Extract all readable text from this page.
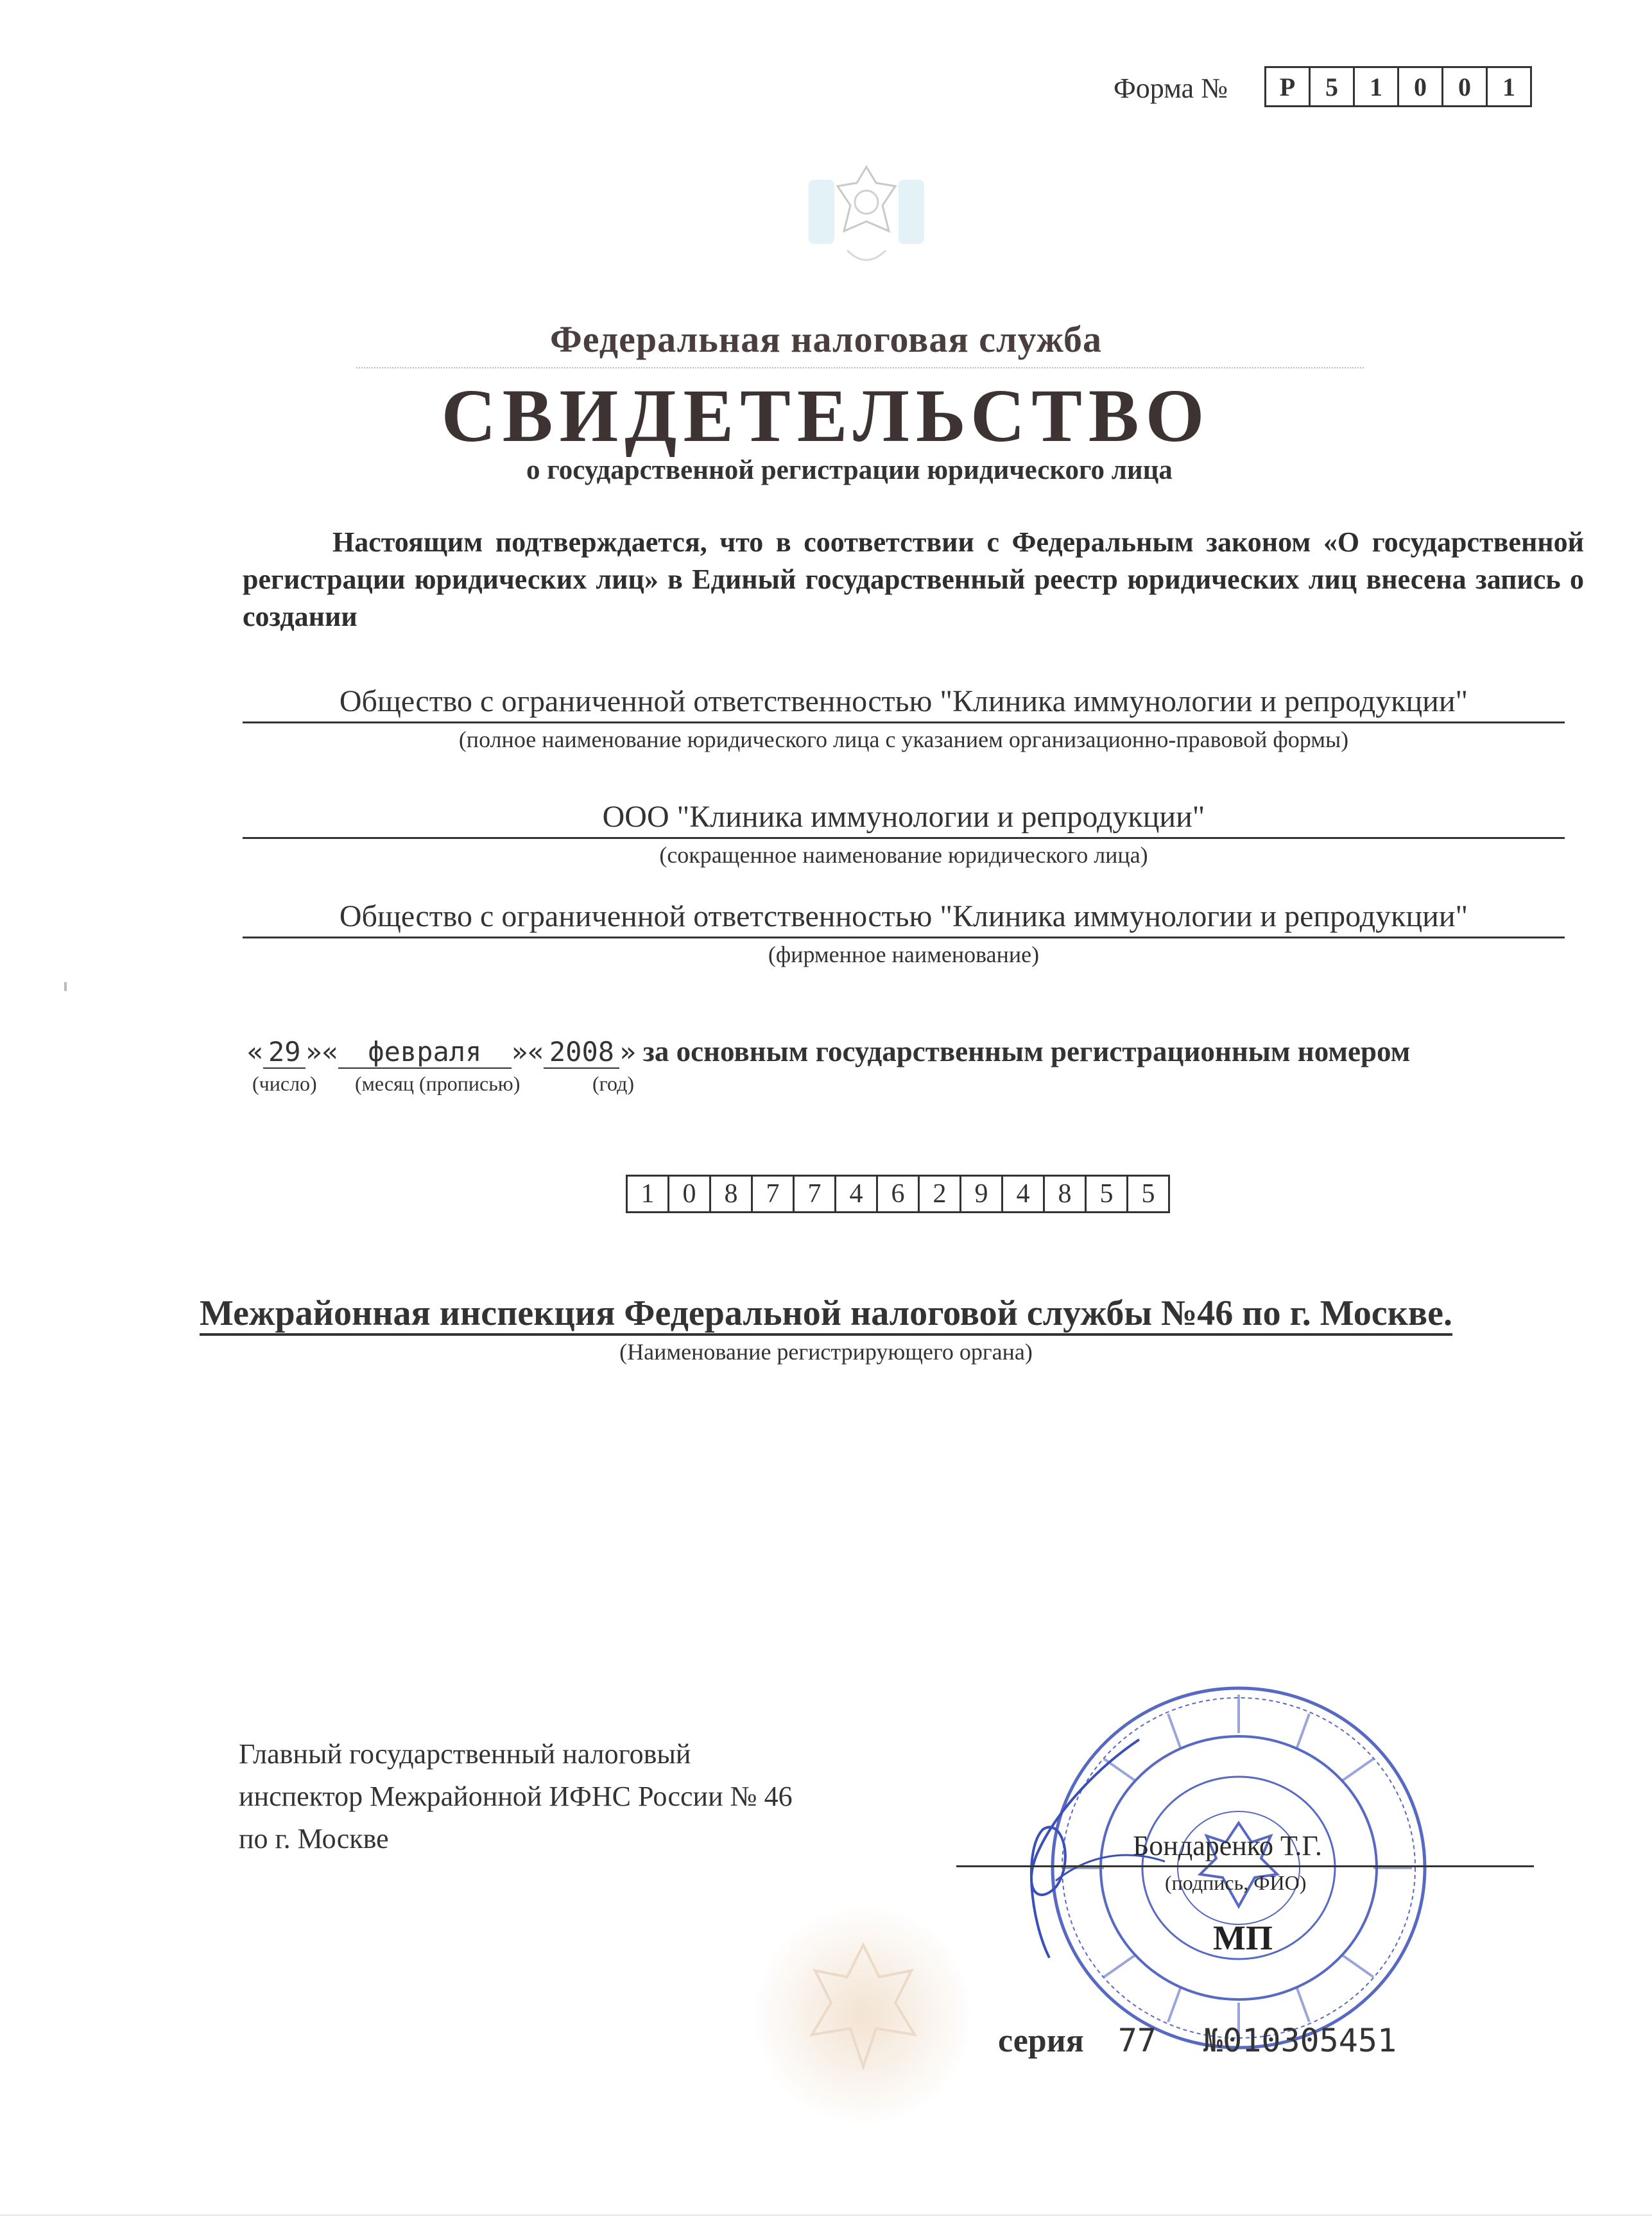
Форма №	Р	5	1	0	0	1
Федеральная налоговая служба
СВИДЕТЕЛЬСТВО
о государственной регистрации юридического лица
Настоящим подтверждается, что в соответствии с Федеральным законом «О государственной регистрации юридических лиц» в Единый государственный реестр юридических лиц внесена запись о создании
Общество с ограниченной ответственностью "Клиника иммунологии и репродукции"
(полное наименование юридического лица с указанием организационно-правовой формы)
ООО "Клиника иммунологии и репродукции"
(сокращенное наименование юридического лица)
Общество с ограниченной ответственностью "Клиника иммунологии и репродукции"
(фирменное наименование)
« 29 »« февраля »« 2008 » за основным государственным регистрационным номером
(число) (месяц (прописью)	(год)
1	0	8	7	7	4	6	2	9	4	8	5	5
Межрайонная инспекция Федеральной налоговой службы №46 по г. Москве.
(Наименование регистрирующего органа)
Главный государственный налоговый
инспектор Межрайонной ИФНС России № 46
по г. Москве	Бондаренко Т.Г.
(подпись, ФИО)
МП
серия 77 №010305451
